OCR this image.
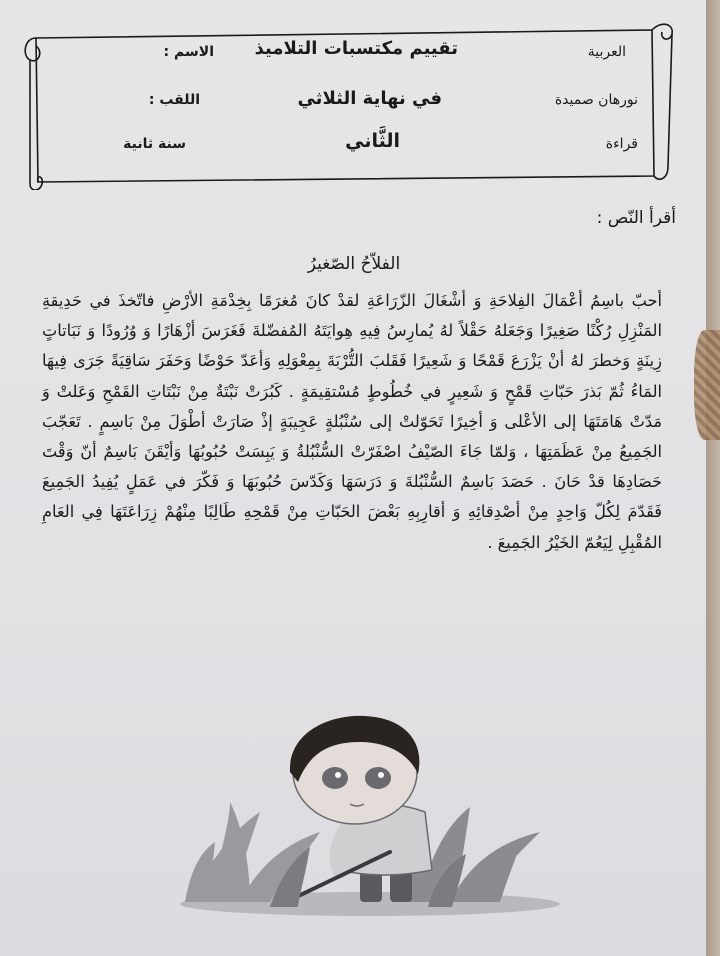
العربية
نورهان صميدة
قراءة
تقييم مكتسبات التلاميذ
في نهاية الثلاثي
الثَّاني
الاسم :
اللقب :
سنة ثانية
أقرأ النّص :
الفلاّحُ الصّغيرُ
أحبّ باسِمُ أعْمَالَ الفِلاحَةِ وَ أشْغَالَ الزّرَاعَةِ لقدْ كانَ مُغرَمًا بِخِدْمَةِ الأرْضِ فاتّخذَ في حَدِيقةِ المَنْزِلِ رُكْنًا صَغِيرًا وَجَعَلهُ حَقْلاً لهُ يُمارِسُ فِيهِ هِوايَتَهُ المُفضّلةَ فَغَرَسَ أزْهَارًا وَ وُرُودًا وَ نَبَاتاتٍ زِينَةٍ وَخطرَ لهُ أنْ يَزْرَعَ قَمْحًا وَ شَعِيرًا فَقَلبَ التُّرْبَةَ بِمِعْوَلِهِ وَأعَدّ حَوْضًا وَحَفَرَ سَاقِيَةً جَرَى فِيهَا المَاءُ ثُمّ بَذرَ حَبّاتِ قَمْحٍ وَ شَعِيرٍ في خُطُوطٍ مُسْتقِيمَةٍ . كَبُرَتْ نَبْتَةٌ مِنْ نَبْتَاتِ القَمْحِ وَعَلتْ وَ مَدّتْ هَامَتَهَا إلى الأعْلى وَ أخِيرًا تَحَوّلتْ إلى سُنْبُلةٍ عَجِيبَةٍ إذْ صَارَتْ أطْوَلَ مِنْ بَاسِمٍ . تَعَجّبَ الجَمِيعُ مِنْ عَظَمَتِهَا ، وَلمّا جَاءَ الصّيْفُ اصْفَرّتْ السُّنْبُلةُ وَ يَبِسَتْ حُبُوبُهَا وَأيْقَنَ بَاسِمٌ أنّ وَقْتَ حَصَادِهَا قدْ حَانَ . حَصَدَ بَاسِمٌ السُّنْبُلةَ وَ دَرَسَهَا وَكَدّسَ حُبُوبَهَا وَ فَكّرَ في عَمَلٍ يُفِيدُ الجَمِيعَ فَقَدّمَ لِكُلّ وَاحِدٍ مِنْ أصْدِقائِهِ وَ أقارِبِهِ بَعْضَ الحَبّاتِ مِنْ قَمْحِهِ طَالِبًا مِنْهُمْ زِرَاعَتَهَا فِي العَامِ المُقْبِلِ لِيَعُمّ الخَيْرُ الجَمِيعَ .
